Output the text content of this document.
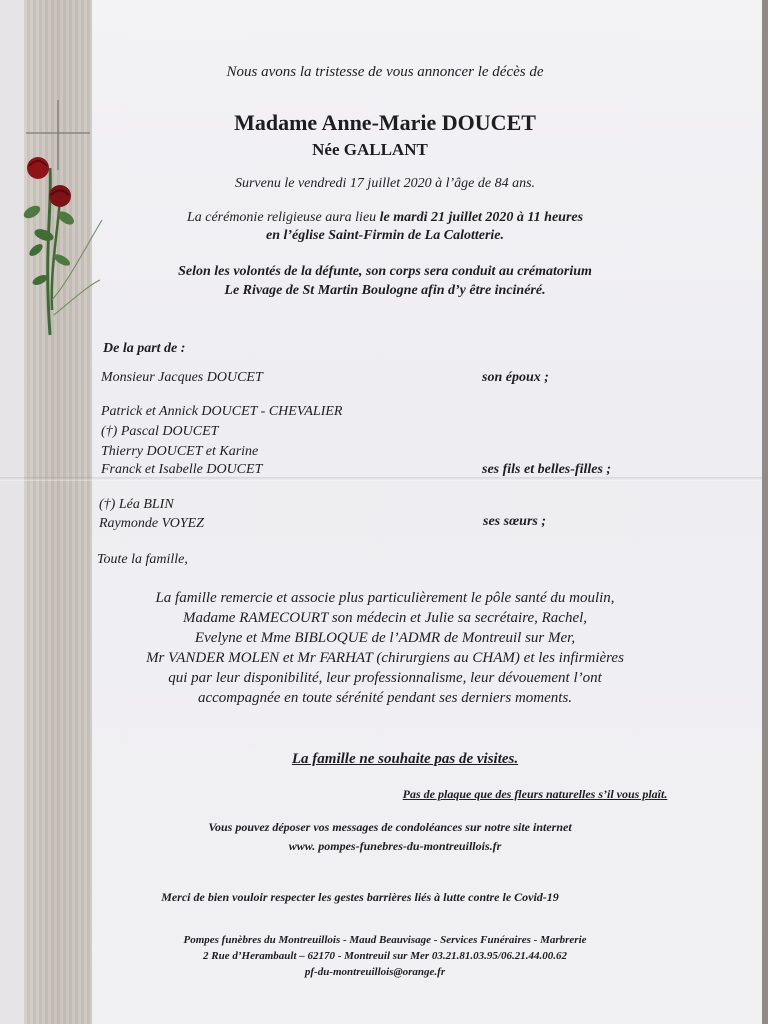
Nous avons la tristesse de vous annoncer le décès de
Madame Anne-Marie DOUCET
Née GALLANT
Survenu le vendredi 17 juillet 2020 à l’âge de 84 ans.
La cérémonie religieuse aura lieu le mardi 21 juillet 2020 à 11 heures
en l’église Saint-Firmin de La Calotterie.
Selon les volontés de la défunte, son corps sera conduit au crématorium
Le Rivage de St Martin Boulogne afin d’y être incinéré.
De la part de :
Monsieur Jacques DOUCET	son époux ;
Patrick et Annick DOUCET - CHEVALIER
(†) Pascal DOUCET
Thierry DOUCET et Karine
Franck et Isabelle DOUCET	ses fils et belles-filles ;
(†) Léa BLIN
Raymonde VOYEZ	ses sœurs ;
Toute la famille,
La famille remercie et associe plus particulièrement le pôle santé du moulin,
Madame RAMECOURT son médecin et Julie sa secrétaire, Rachel,
Evelyne et Mme BIBLOQUE de l’ADMR de Montreuil sur Mer,
Mr VANDER MOLEN et Mr FARHAT (chirurgiens au CHAM) et les infirmières
qui par leur disponibilité, leur professionnalisme, leur dévouement l’ont
accompagnée en toute sérénité pendant ses derniers moments.
La famille ne souhaite pas de visites.
Pas de plaque que des fleurs naturelles s’il vous plaît.
Vous pouvez déposer vos messages de condoléances sur notre site internet
www. pompes-funebres-du-montreuillois.fr
Merci de bien vouloir respecter les gestes barrières liés à lutte contre le Covid-19
Pompes funèbres du Montreuillois - Maud Beauvisage - Services Funéraires - Marbrerie
2 Rue d’Herambault – 62170 - Montreuil sur Mer 03.21.81.03.95/06.21.44.00.62
pf-du-montreuillois@orange.fr
